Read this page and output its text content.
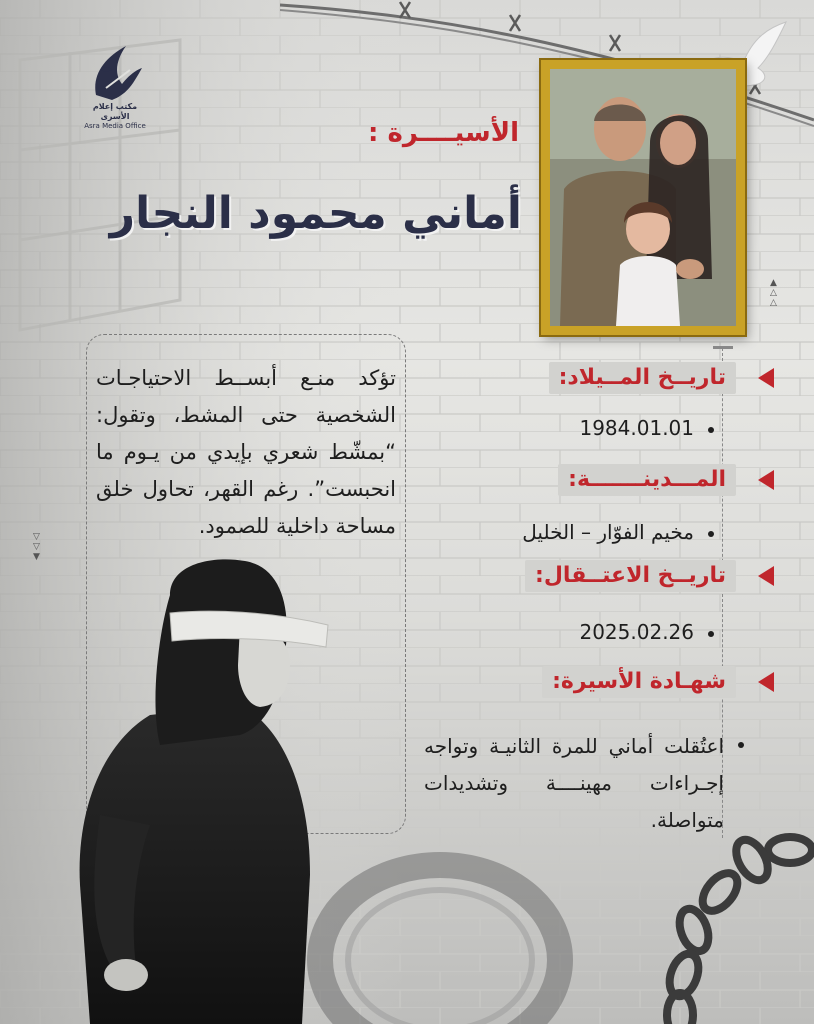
مكتب إعلام الأسرى
Asra Media Office	الأسيــــرة :
أماني محمود النجار
▲
△
△
▽
▽
▼
تؤكد منـع أبســط الاحتياجـات الشخصية حتى المشط، وتقول: “بمشّط شعري بإيدي من يـوم ما انحبست”. رغم القهر، تحاول خلق مساحة داخلية للصمود.
تاريــخ المــيلاد:
1984.01.01
المـــدينـــــــة:
مخيم الفوّار – الخليل
تاريــخ الاعتــقال:
2025.02.26
شهـادة الأسيرة:
اعتُقلت أماني للمرة الثانيـة وتواجه إجـراءات مهينــــة وتشديدات متواصلة.
